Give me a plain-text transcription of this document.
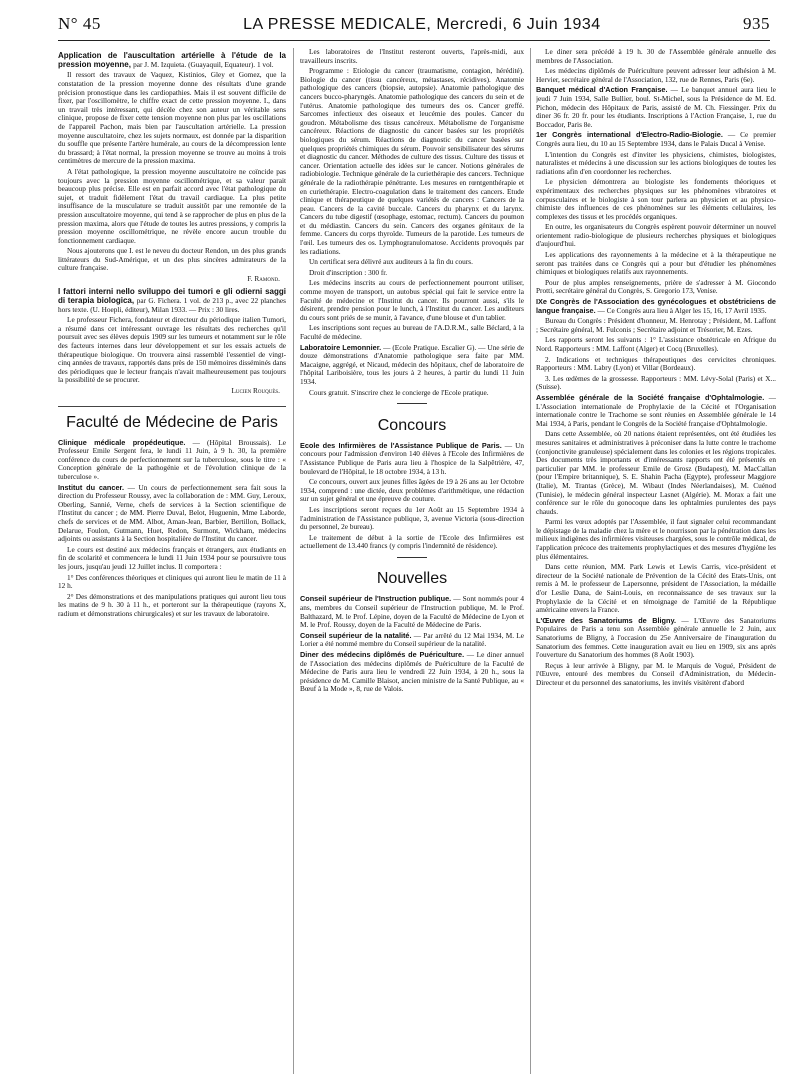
N° 45	LA PRESSE MEDICALE, Mercredi, 6 Juin 1934	935
Application de l'auscultation artérielle à l'étude de la pression moyenne, par J. M. Izquieta. (Guayaquil, Equateur). 1 vol.

Il ressort des travaux de Vaquez, Kistinios, Gley et Gomez, que la constatation de la pression moyenne donne des résultats d'une grande précision pronostique dans les cardiopathies. Mais il est souvent difficile de fixer, par l'oscillomètre, le chiffre exact de cette pression moyenne. I., dans un travail très intéressant, qui décèle chez son auteur un véritable sens clinique, propose de fixer cette tension moyenne non plus par les oscillations de l'appareil Pachon, mais bien par l'auscultation artérielle. La pression moyenne auscultatoire, chez les sujets normaux, est donnée par la disparition du souffle que présente l'artère humérale, au cours de la décompression lente du brassard; à l'état normal, la pression moyenne se trouve au moins à trois centimètres de mercure de la pression maxima.

A l'état pathologique, la pression moyenne auscultatoire ne coïncide pas toujours avec la pression moyenne oscillométrique, et sa valeur parait beaucoup plus précise. Elle est en parfait accord avec l'état pathologique du sujet, et traduit fidèlement l'état du travail cardiaque. La plus petite insuffisance de la musculature se traduit aussitôt par une remontée de la pression auscultatoire moyenne, qui tend à se rapprocher de plus en plus de la pression maxima, alors que l'étude de toutes les autres pressions, y compris la pression moyenne oscillométrique, ne révèle encore aucun trouble du fonctionnement cardiaque.

Nous ajouterons que I. est le neveu du docteur Rendon, un des plus grands littérateurs du Sud-Amérique, et un des plus sincères admirateurs de la culture française.

F. Ramond.
I fattori interni nello sviluppo dei tumori e gli odierni saggi di terapia biologica, par G. Fichera. 1 vol. de 213 p., avec 22 planches hors texte. (U. Hoepli, éditeur), Milan 1933. — Prix : 30 lires.

Le professeur Fichera, fondateur et directeur du périodique italien Tumori, a résumé dans cet intéressant ouvrage les résultats des recherches qu'il poursuit avec ses élèves depuis 1909 sur les tumeurs et notamment sur le rôle des facteurs internes dans leur développement et sur les essais actuels de thérapeutique biologique. On trouvera ainsi rassemblé l'essentiel de vingt-cinq années de travaux, rapportés dans près de 150 mémoires disséminés dans des périodiques que le lecteur français n'avait malheureusement pas toujours la possibilité de se procurer.

Lucien Rouquès.
Faculté de Médecine de Paris

Clinique médicale propédeutique. — (Hôpital Broussais). Le Professeur Emile Sergent fera, le lundi 11 Juin, à 9 h. 30, la première conférence du cours de perfectionnement sur la tuberculose, sous le titre : « Conception générale de la pathogénie et de l'évolution clinique de la tuberculose ».

Institut du cancer. — Un cours de perfectionnement sera fait sous la direction du Professeur Roussy, avec la collaboration de : MM. Guy, Leroux, Oberling, Sannié, Verne, chefs de services à la Section scientifique de l'Institut du cancer ; de MM. Pierre Duval, Belot, Huguenin, Mme Laborde, chefs de services et de MM. Albot, Aman-Jean, Barbier, Bertillon, Bollack, Delarue, Foulon, Gutmann, Huet, Redon, Surmont, Wickham, médecins adjoints ou assistants à la Section hospitalière de l'Institut du cancer.

Le cours est destiné aux médecins français et étrangers, aux étudiants en fin de scolarité et commencera le lundi 11 Juin 1934 pour se poursuivre tous les jours, jusqu'au jeudi 12 Juillet inclus. Il comportera :

1° Des conférences théoriques et cliniques qui auront lieu le matin de 11 à 12 h.

2° Des démonstrations et des manipulations pratiques qui auront lieu tous les matins de 9 h. 30 à 11 h., et porteront sur la thérapeutique (rayons X, radium et démonstrations chirurgicales) et sur les travaux de laboratoire.

Les laboratoires de l'Institut resteront ouverts, l'après-midi, aux travailleurs inscrits.

Programme : Etiologie du cancer (traumatisme, contagion, hérédité). Biologie du cancer (tissu cancéreux, métastases, récidives). Anatomie pathologique des cancers (biopsie, autopsie). Anatomie pathologique des cancers bucco-pharyngés. Anatomie pathologique des cancers du sein et de l'utérus. Anatomie pathologique des tumeurs des os. Cancer greffé. Sarcomes infectieux des oiseaux et leucémie des poules. Cancer du goudron. Métabolisme des tissus cancéreux. Métabolisme de l'organisme cancéreux. Réactions de diagnostic du cancer basées sur les propriétés biologiques du sérum. Réactions de diagnostic du cancer basées sur quelques propriétés chimiques du sérum. Pouvoir sensibilisateur des sérums et diagnostic du cancer. Méthodes de culture des tissus. Culture des tissus et cancer. Orientation actuelle des idées sur le cancer. Notions générales de radiobiologie. Technique générale de la curiethérapie des cancers. Technique générale de la radiothérapie pénétrante. Les mesures en rœntgenthérapie et en curiethérapie. Electro-coagulation dans le traitement des cancers. Etude clinique et thérapeutique de quelques variétés de cancers : Cancers de la peau. Cancers de la cavité buccale. Cancers du pharynx et du larynx. Cancers du tube digestif (œsophage, estomac, rectum). Cancers du poumon et du médiastin. Cancers du sein. Cancers des organes génitaux de la femme. Cancers du corps thyroïde. Tumeurs de la parotide. Les tumeurs de l'œil. Les tumeurs des os. Lymphogranulomatose. Accidents provoqués par les radiations.

Un certificat sera délivré aux auditeurs à la fin du cours.

Droit d'inscription : 300 fr.

Les médecins inscrits au cours de perfectionnement pourront utiliser, comme moyen de transport, un autobus spécial qui fait le service entre la Faculté de médecine et l'Institut du cancer. Ils pourront aussi, s'ils le désirent, prendre pension pour le lunch, à l'Institut du cancer. Les auditeurs du cours sont priés de se munir, à l'avance, d'une blouse et d'un tablier.

Les inscriptions sont reçues au bureau de l'A.D.R.M., salle Béclard, à la Faculté de médecine.

Laboratoire Lemonnier. — (Ecole Pratique. Escalier G). — Une série de douze démonstrations d'Anatomie pathologique sera faite par MM. Macaigne, aggrégé, et Nicaud, médecin des hôpitaux, chef de laboratoire de l'hôpital Lariboisière, tous les jours à 2 heures, à partir du lundi 11 Juin 1934.

Cours gratuit. S'inscrire chez le concierge de l'Ecole pratique.

Concours

Ecole des Infirmières de l'Assistance Publique de Paris. — Un concours pour l'admission d'environ 140 élèves à l'Ecole des Infirmières de l'Assistance Publique de Paris aura lieu à l'hospice de la Salpêtrière, 47, boulevard de l'Hôpital, le 18 octobre 1934, à 13 h.

Ce concours, ouvert aux jeunes filles âgées de 19 à 26 ans au 1er Octobre 1934, comprend : une dictée, deux problèmes d'arithmétique, une rédaction sur un sujet général et une épreuve de couture.

Les inscriptions seront reçues du 1er Août au 15 Septembre 1934 à l'administration de l'Assistance publique, 3, avenue Victoria (sous-direction du personnel, 2e bureau).

Le traitement de début à la sortie de l'Ecole des Infirmières est actuellement de 13.440 francs (y compris l'indemnité de résidence).

Nouvelles

Conseil supérieur de l'Instruction publique. — Sont nommés pour 4 ans, membres du Conseil supérieur de l'Instruction publique, M. le Prof. Balthazard, M. le Prof. Lépine, doyen de la Faculté de Médecine de Lyon et M. le Prof. Roussy, doyen de la Faculté de Médecine de Paris.

Conseil supérieur de la natalité. — Par arrêté du 12 Mai 1934, M. Le Lorier a été nommé membre du Conseil supérieur de la natalité.

Diner des médecins diplômés de Puériculture. — Le diner annuel de l'Association des médecins diplômés de Puériculture de la Faculté de Médecine de Paris aura lieu le vendredi 22 Juin 1934, à 20 h., sous la présidence de M. Camille Blaisot, ancien ministre de la Santé Publique, au « Bœuf à la Mode », 8, rue de Valois.

Le diner sera précédé à 19 h. 30 de l'Assemblée générale annuelle des membres de l'Association.

Les médecins diplômés de Puériculture peuvent adresser leur adhésion à M. Hervier, secrétaire général de l'Association, 132, rue de Rennes, Paris (6e).

Banquet médical d'Action Française. — Le banquet annuel aura lieu le jeudi 7 Juin 1934, Salle Bullier, boul. St-Michel, sous la Présidence de M. Ed. Pichon, médecin des Hôpitaux de Paris, assisté de M. Ch. Fiessinger. Prix du diner 36 fr. 20 fr. pour les étudiants. Inscriptions à l'Action Française, 1, rue du Boccador, Paris 8e.

1er Congrès international d'Electro-Radio-Biologie. — Ce premier Congrès aura lieu, du 10 au 15 Septembre 1934, dans le Palais Ducal à Venise.

L'intention du Congrès est d'inviter les physiciens, chimistes, biologistes, naturalistes et médecins à une discussion sur les actions biologiques de toutes les radiations afin d'en coordonner les recherches.

Le physicien démontrera au biologiste les fondements théoriques et expérimentaux des recherches physiques sur les phénomènes vibratoires et corpusculaires et le biologiste à son tour parlera au physicien et au physico-chimiste des influences de ces phénomènes sur les éléments cellulaires, les complexes des tissus et les procédés organiques.

En outre, les organisateurs du Congrès espèrent pouvoir déterminer un nouvel orientement radio-biologique de plusieurs recherches physiques et biologiques d'aujourd'hui.

Les applications des rayonnements à la médecine et à la thérapeutique ne seront pas traitées dans ce Congrès qui a pour but d'étudier les phénomènes chimiques et biologiques relatifs aux rayonnements.

Pour de plus amples renseignements, prière de s'adresser à M. Giocondo Protti, secrétaire général du Congrès, S. Gregorio 173, Venise.

IXe Congrès de l'Association des gynécologues et obstétriciens de langue française. — Ce Congrès aura lieu à Alger les 15, 16, 17 Avril 1935.

Bureau du Congrès : Président d'honneur, M. Henrotay ; Président, M. Laffont ; Secrétaire général, M. Fulconis ; Secrétaire adjoint et Trésorier, M. Ezes.

Les rapports seront les suivants : 1° L'assistance obstétricale en Afrique du Nord. Rapporteurs : MM. Laffont (Alger) et Cocq (Bruxelles).

2. Indications et techniques thérapeutiques des cervicites chroniques. Rapporteurs : MM. Labry (Lyon) et Villar (Bordeaux).

3. Les œdèmes de la grossesse. Rapporteurs : MM. Lévy-Solal (Paris) et X... (Suisse).

Assemblée générale de la Société française d'Ophtalmologie. — L'Association internationale de Prophylaxie de la Cécité et l'Organisation internationale contre le Trachome se sont réunies en Assemblée générale le 14 Mai 1934, à Paris, pendant le Congrès de la Société française d'Ophtalmologie.

Dans cette Assemblée, où 20 nations étaient représentées, ont été étudiées les mesures sanitaires et administratives à préconiser dans la lutte contre le trachome (conjonctivite granuleuse) spécialement dans les colonies et les régions tropicales. Des documents très importants et d'intéressants rapports ont été présentés en particulier par MM. le professeur Emile de Grosz (Budapest), M. MacCallan (pour l'Empire britannique), S. E. Shahin Pacha (Egypte), professeur Maggiore (Italie), M. Trantas (Grèce), M. Wibaut (Indes Néerlandaises), M. Cuénod (Tunisie), le médecin général inspecteur Lasnet (Algérie). M. Morax a fait une conférence sur le rôle du gonocoque dans les ophtalmies purulentes des pays chauds.

Parmi les vœux adoptés par l'Assemblée, il faut signaler celui recommandant le dépistage de la maladie chez la mère et le nourrisson par la pénétration dans les milieux indigènes des infirmières visiteuses chargées, sous le contrôle médical, de l'application précoce des traitements prophylactiques et des mesures d'hygiène les plus élémentaires.

Dans cette réunion, MM. Park Lewis et Lewis Carris, vice-président et directeur de la Société nationale de Prévention de la Cécité des Etats-Unis, ont remis à M. le professeur de Lapersonne, président de l'Association, la médaille d'or Leslie Dana, de Saint-Louis, en reconnaissance de ses travaux sur la Prophylaxie de la Cécité et en témoignage de l'amitié de la République américaine envers la France.

L'Œuvre des Sanatoriums de Bligny. — L'Œuvre des Sanatoriums Populaires de Paris a tenu son Assemblée générale annuelle le 2 Juin, aux Sanatoriums de Bligny, à l'occasion du 25e Anniversaire de l'inauguration du Sanatorium des femmes. Cette inauguration avait eu lieu en 1909, six ans après l'ouverture du Sanatorium des hommes (8 Août 1903).

Reçus à leur arrivée à Bligny, par M. le Marquis de Vogué, Président de l'Œuvre, entouré des membres du Conseil d'Administration, du Médecin-Directeur et du personnel des sanatoriums, les invités visitèrent d'abord
